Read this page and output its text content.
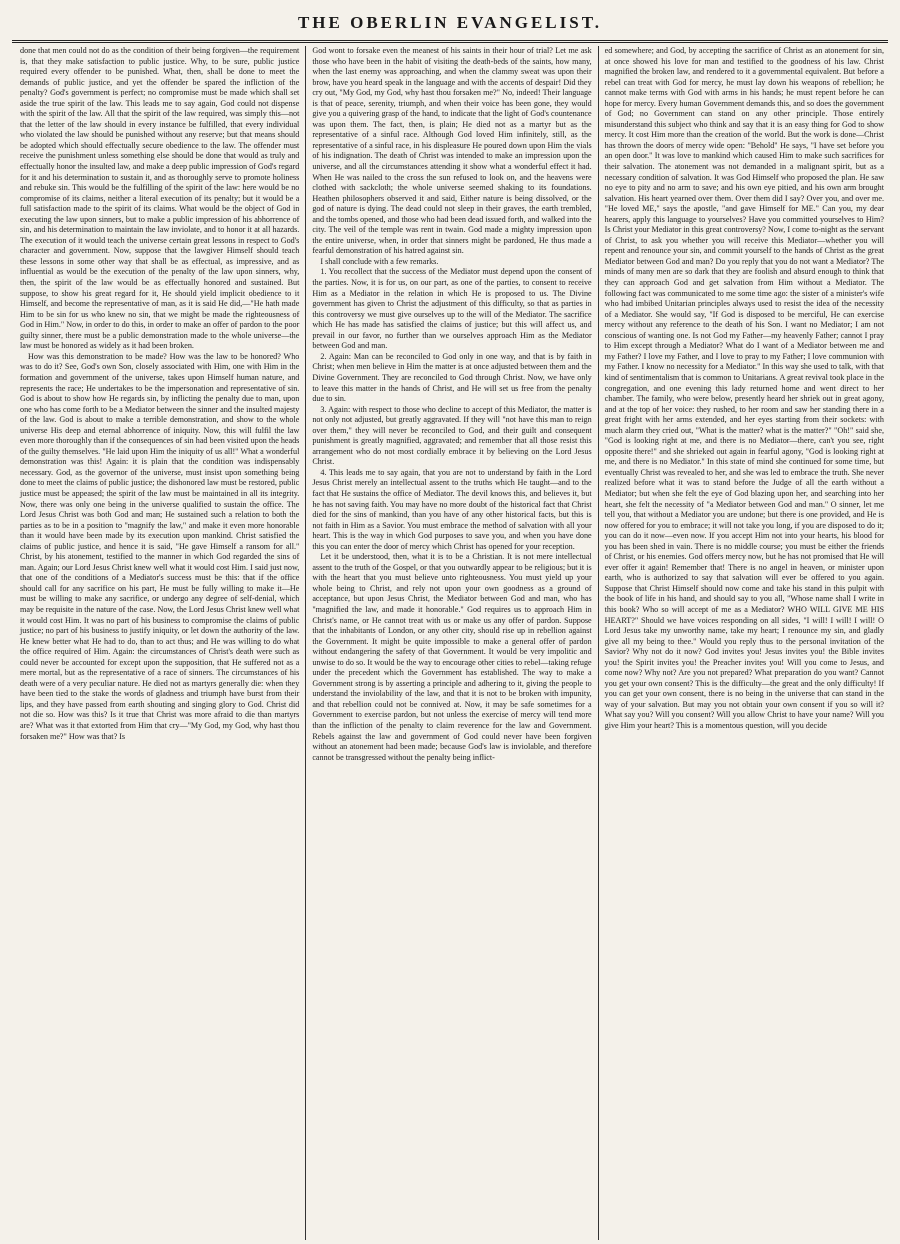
THE OBERLIN EVANGELIST.

done that men could not do as the condition of their being forgiven—the requirement is, that they make satisfaction to public justice. Why, to be sure, public justice required every offender to be punished. What, then, shall be done to meet the demands of public justice, and yet the offender be spared the infliction of the penalty? God's government is perfect; no compromise must be made which shall set aside the true spirit of the law. This leads me to say again, God could not dispense with the spirit of the law. All that the spirit of the law required, was simply this—not that the letter of the law should in every instance be fulfilled, that every individual who violated the law should be punished without any reserve; but that means should be adopted which should effectually secure obedience to the law. The offender must receive the punishment unless something else should be done that would as truly and effectually honor the insulted law, and make a deep public impression of God's regard for it and his determination to sustain it, and as thoroughly serve to promote holiness and rebuke sin. This would be the fulfilling of the spirit of the law: here would be no compromise of its claims, neither a literal execution of its penalty; but it would be a full satisfaction made to the spirit of its claims. What would be the object of God in executing the law upon sinners, but to make a public impression of his abhorrence of sin, and his determination to maintain the law inviolate, and to honor it at all hazards. The execution of it would teach the universe certain great lessons in respect to God's character and government. Now, suppose that the lawgiver Himself should teach these lessons in some other way that shall be as effectual, as impressive, and as influential as would be the execution of the penalty of the law upon sinners, why, then, the spirit of the law would be as effectually honored and sustained. But suppose, to show his great regard for it, He should yield implicit obedience to it Himself, and become the representative of man, as it is said He did,—"He hath made Him to be sin for us who knew no sin, that we might be made the righteousness of God in Him." Now, in order to do this, in order to make an offer of pardon to the poor guilty sinner, there must be a public demonstration made to the whole universe—the law must be honored as widely as it had been broken.

How was this demonstration to be made? How was the law to be honored? Who was to do it? See, God's own Son, closely associated with Him, one with Him in the formation and government of the universe, takes upon Himself human nature, and represents the race; He undertakes to be the impersonation and representative of sin. God is about to show how He regards sin, by inflicting the penalty due to man, upon one who has come forth to be a Mediator between the sinner and the insulted majesty of the law. God is about to make a terrible demonstration, and show to the whole universe His deep and eternal abhorrence of iniquity. Now, this will fulfil the law even more thoroughly than if the consequences of sin had been visited upon the heads of the guilty themselves. "He laid upon Him the iniquity of us all!" What a wonderful demonstration was this! Again: it is plain that the condition was indispensably necessary. God, as the governor of the universe, must insist upon something being done to meet the claims of public justice; the dishonored law must be restored, public justice must be appeased; the spirit of the law must be maintained in all its integrity. Now, there was only one being in the universe qualified to sustain the office. The Lord Jesus Christ was both God and man; He sustained such a relation to both the parties as to be in a position to "magnify the law," and make it even more honorable than it would have been made by its execution upon mankind. Christ satisfied the claims of public justice, and hence it is said, "He gave Himself a ransom for all." Christ, by his atonement, testified to the manner in which God regarded the sins of man. Again; our Lord Jesus Christ knew well what it would cost Him. I said just now, that one of the conditions of a Mediator's success must be this: that if the office should call for any sacrifice on his part, He must be fully willing to make it—He must be willing to make any sacrifice, or undergo any degree of self-denial, which may be requisite in the nature of the case. Now, the Lord Jesus Christ knew well what it would cost Him. It was no part of his business to compromise the claims of public justice; no part of his business to justify iniquity, or let down the authority of the law. He knew better what He had to do, than to act thus; and He was willing to do what the office required of Him. Again: the circumstances of Christ's death were such as could never be accounted for except upon the supposition, that He suffered not as a mere mortal, but as the representative of a race of sinners. The circumstances of his death were of a very peculiar nature. He died not as martyrs generally die: when they have been tied to the stake the words of gladness and triumph have burst from their lips, and they have passed from earth shouting and singing glory to God. Christ did not die so. How was this? Is it true that Christ was more afraid to die than martyrs are? What was it that extorted from Him that cry—"My God, my God, why hast thou forsaken me?" How was that? Is

God wont to forsake even the meanest of his saints in their hour of trial? Let me ask those who have been in the habit of visiting the death-beds of the saints, how many, when the last enemy was approaching, and when the clammy sweat was upon their brow, have you heard speak in the language and with the accents of despair! Did they cry out, "My God, my God, why hast thou forsaken me?" No, indeed! Their language is that of peace, serenity, triumph, and when their voice has been gone, they would give you a quivering grasp of the hand, to indicate that the light of God's countenance was upon them. The fact, then, is plain; He died not as a martyr but as the representative of a sinful race. Although God loved Him infinitely, still, as the representative of a sinful race, in his displeasure He poured down upon Him the vials of his indignation. The death of Christ was intended to make an impression upon the universe, and all the circumstances attending it show what a wonderful effect it had. When He was nailed to the cross the sun refused to look on, and the heavens were clothed with sackcloth; the whole universe seemed shaking to its foundations. Heathen philosophers observed it and said, Either nature is being dissolved, or the god of nature is dying. The dead could not sleep in their graves, the earth trembled, and the tombs opened, and those who had been dead issued forth, and walked into the city. The veil of the temple was rent in twain. God made a mighty impression upon the entire universe, when, in order that sinners might be pardoned, He thus made a fearful demonstration of his hatred against sin.

I shall conclude with a few remarks.

1. You recollect that the success of the Mediator must depend upon the consent of the parties. Now, it is for us, on our part, as one of the parties, to consent to receive Him as a Mediator in the relation in which He is proposed to us. The Divine government has given to Christ the adjustment of this difficulty, so that as parties in this controversy we must give ourselves up to the will of the Mediator. The sacrifice which He has made has satisfied the claims of justice; but this will affect us, and prevail in our favor, no further than we ourselves approach Him as the Mediator between God and man.

2. Again: Man can be reconciled to God only in one way, and that is by faith in Christ; when men believe in Him the matter is at once adjusted between them and the Divine Government. They are reconciled to God through Christ. Now, we have only to leave this matter in the hands of Christ, and He will set us free from the penalty due to sin.

3. Again: with respect to those who decline to accept of this Mediator, the matter is not only not adjusted, but greatly aggravated. If they will "not have this man to reign over them," they will never be reconciled to God, and their guilt and consequent punishment is greatly magnified, aggravated; and remember that all those resist this arrangement who do not most cordially embrace it by believing on the Lord Jesus Christ.

4. This leads me to say again, that you are not to understand by faith in the Lord Jesus Christ merely an intellectual assent to the truths which He taught—and to the fact that He sustains the office of Mediator. The devil knows this, and believes it, but he has not saving faith. You may have no more doubt of the historical fact that Christ died for the sins of mankind, than you have of any other historical facts, but this is not faith in Him as a Savior. You must embrace the method of salvation with all your heart. This is the way in which God purposes to save you, and when you have done this you can enter the door of mercy which Christ has opened for your reception.

Let it be understood, then, what it is to be a Christian. It is not mere intellectual assent to the truth of the Gospel, or that you outwardly appear to be religious; but it is with the heart that you must believe unto righteousness. You must yield up your whole being to Christ, and rely not upon your own goodness as a ground of acceptance, but upon Jesus Christ, the Mediator between God and man, who has "magnified the law, and made it honorable." God requires us to approach Him in Christ's name, or He cannot treat with us or make us any offer of pardon. Suppose that the inhabitants of London, or any other city, should rise up in rebellion against the Government. It might be quite impossible to make a general offer of pardon without endangering the safety of that Government. It would be very impolitic and unwise to do so. It would be the way to encourage other cities to rebel—taking refuge under the precedent which the Government has established. The way to make a Government strong is by asserting a principle and adhering to it, giving the people to understand the inviolability of the law, and that it is not to be broken with impunity, and that rebellion could not be connived at. Now, it may be safe sometimes for a Government to exercise pardon, but not unless the exercise of mercy will tend more than the infliction of the penalty to claim reverence for the law and Government. Rebels against the law and government of God could never have been forgiven without an atonement had been made; because God's law is inviolable, and therefore cannot be transgressed without the penalty being inflict-

ed somewhere; and God, by accepting the sacrifice of Christ as an atonement for sin, at once showed his love for man and testified to the goodness of his law. Christ magnified the broken law, and rendered to it a governmental equivalent. But before a rebel can treat with God for mercy, he must lay down his weapons of rebellion; he cannot make terms with God with arms in his hands; he must repent before he can hope for mercy. Every human Government demands this, and so does the government of God; no Government can stand on any other principle. Those entirely misunderstand this subject who think and say that it is an easy thing for God to show mercy. It cost Him more than the creation of the world. But the work is done—Christ has thrown the doors of mercy wide open: "Behold" He says, "I have set before you an open door." It was love to mankind which caused Him to make such sacrifices for their salvation. The atonement was not demanded in a malignant spirit, but as a necessary condition of salvation. It was God Himself who proposed the plan. He saw no eye to pity and no arm to save; and his own eye pitied, and his own arm brought salvation. His heart yearned over them. Over them did I say? Over you, and over me. "He loved ME," says the apostle, "and gave Himself for ME." Can you, my dear hearers, apply this language to yourselves? Have you committed yourselves to Him? Is Christ your Mediator in this great controversy? Now, I come to-night as the servant of Christ, to ask you whether you will receive this Mediator—whether you will repent and renounce your sin, and commit yourself to the hands of Christ as the great Mediator between God and man? Do you reply that you do not want a Mediator? The minds of many men are so dark that they are foolish and absurd enough to think that they can approach God and get salvation from Him without a Mediator. The following fact was communicated to me some time ago: the sister of a minister's wife who had imbibed Unitarian principles always used to resist the idea of the necessity of a Mediator. She would say, "If God is disposed to be merciful, He can exercise mercy without any reference to the death of his Son. I want no Mediator; I am not conscious of wanting one. Is not God my Father—my heavenly Father; cannot I pray to Him except through a Mediator? What do I want of a Mediator between me and my Father? I love my Father, and I love to pray to my Father; I love communion with my Father. I know no necessity for a Mediator." In this way she used to talk, with that kind of sentimentalism that is common to Unitarians. A great revival took place in the congregation, and one evening this lady returned home and went direct to her chamber. The family, who were below, presently heard her shriek out in great agony, and at the top of her voice: they rushed, to her room and saw her standing there in a great fright with her arms extended, and her eyes starting from their sockets: with much alarm they cried out, "What is the matter? what is the matter?" "Oh!" said she, "God is looking right at me, and there is no Mediator—there, can't you see, right opposite there!" and she shrieked out again in fearful agony, "God is looking right at me, and there is no Mediator." In this state of mind she continued for some time, but eventually Christ was revealed to her, and she was led to embrace the truth. She never realized before what it was to stand before the Judge of all the earth without a Mediator; but when she felt the eye of God blazing upon her, and searching into her heart, she felt the necessity of "a Mediator between God and man." O sinner, let me tell you, that without a Mediator you are undone; but there is one provided, and He is now offered for you to embrace; it will not take you long, if you are disposed to do it; you can do it now—even now. If you accept Him not into your hearts, his blood for you has been shed in vain. There is no middle course; you must be either the friends of Christ, or his enemies. God offers mercy now, but he has not promised that He will ever offer it again! Remember that! There is no angel in heaven, or minister upon earth, who is authorized to say that salvation will ever be offered to you again. Suppose that Christ Himself should now come and take his stand in this pulpit with the book of life in his hand, and should say to you all, "Whose name shall I write in this book? Who so will accept of me as a Mediator? WHO WILL GIVE ME HIS HEART?" Should we have voices responding on all sides, "I will! I will! I will! O Lord Jesus take my unworthy name, take my heart; I renounce my sin, and gladly give all my being to thee." Would you reply thus to the personal invitation of the Savior? Why not do it now? God invites you! Jesus invites you! the Bible invites you! the Spirit invites you! the Preacher invites you! Will you come to Jesus, and come now? Why not? Are you not prepared? What preparation do you want? Cannot you get your own consent? This is the difficulty—the great and the only difficulty! If you can get your own consent, there is no being in the universe that can stand in the way of your salvation. But may you not obtain your own consent if you so will it? What say you? Will you consent? Will you allow Christ to have your name? Will you give Him your heart? This is a momentous question, will you decide
